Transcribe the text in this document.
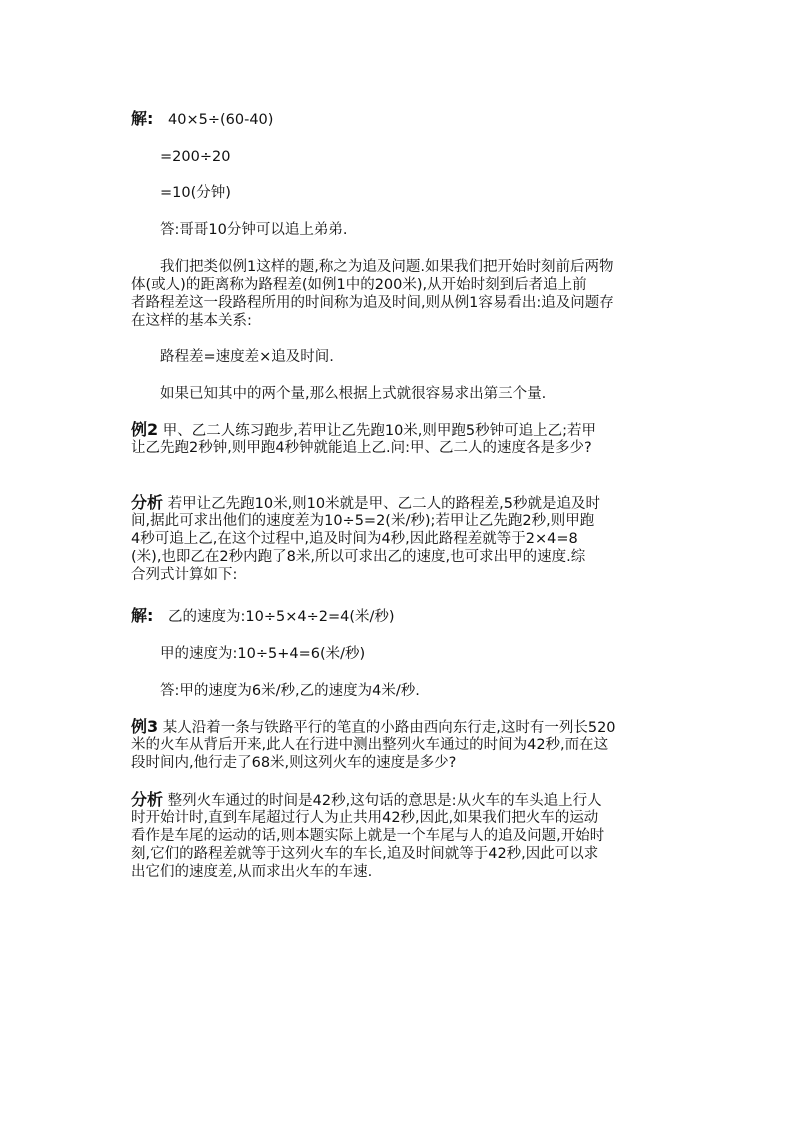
解: 40×5÷(60-40)
=200÷20
=10(分钟)
答:哥哥10分钟可以追上弟弟.
我们把类似例1这样的题,称之为追及问题.如果我们把开始时刻前后两物
体(或人)的距离称为路程差(如例1中的200米),从开始时刻到后者追上前
者路程差这一段路程所用的时间称为追及时间,则从例1容易看出:追及问题存
在这样的基本关系:
路程差=速度差×追及时间.
如果已知其中的两个量,那么根据上式就很容易求出第三个量.
例2 甲、乙二人练习跑步,若甲让乙先跑10米,则甲跑5秒钟可追上乙;若甲
让乙先跑2秒钟,则甲跑4秒钟就能追上乙.问:甲、乙二人的速度各是多少?
分析 若甲让乙先跑10米,则10米就是甲、乙二人的路程差,5秒就是追及时
间,据此可求出他们的速度差为10÷5=2(米/秒);若甲让乙先跑2秒,则甲跑
4秒可追上乙,在这个过程中,追及时间为4秒,因此路程差就等于2×4=8
(米),也即乙在2秒内跑了8米,所以可求出乙的速度,也可求出甲的速度.综
合列式计算如下:
解: 乙的速度为:10÷5×4÷2=4(米/秒)
甲的速度为:10÷5+4=6(米/秒)
答:甲的速度为6米/秒,乙的速度为4米/秒.
例3 某人沿着一条与铁路平行的笔直的小路由西向东行走,这时有一列长520
米的火车从背后开来,此人在行进中测出整列火车通过的时间为42秒,而在这
段时间内,他行走了68米,则这列火车的速度是多少?
分析 整列火车通过的时间是42秒,这句话的意思是:从火车的车头追上行人
时开始计时,直到车尾超过行人为止共用42秒,因此,如果我们把火车的运动
看作是车尾的运动的话,则本题实际上就是一个车尾与人的追及问题,开始时
刻,它们的路程差就等于这列火车的车长,追及时间就等于42秒,因此可以求
出它们的速度差,从而求出火车的车速.
